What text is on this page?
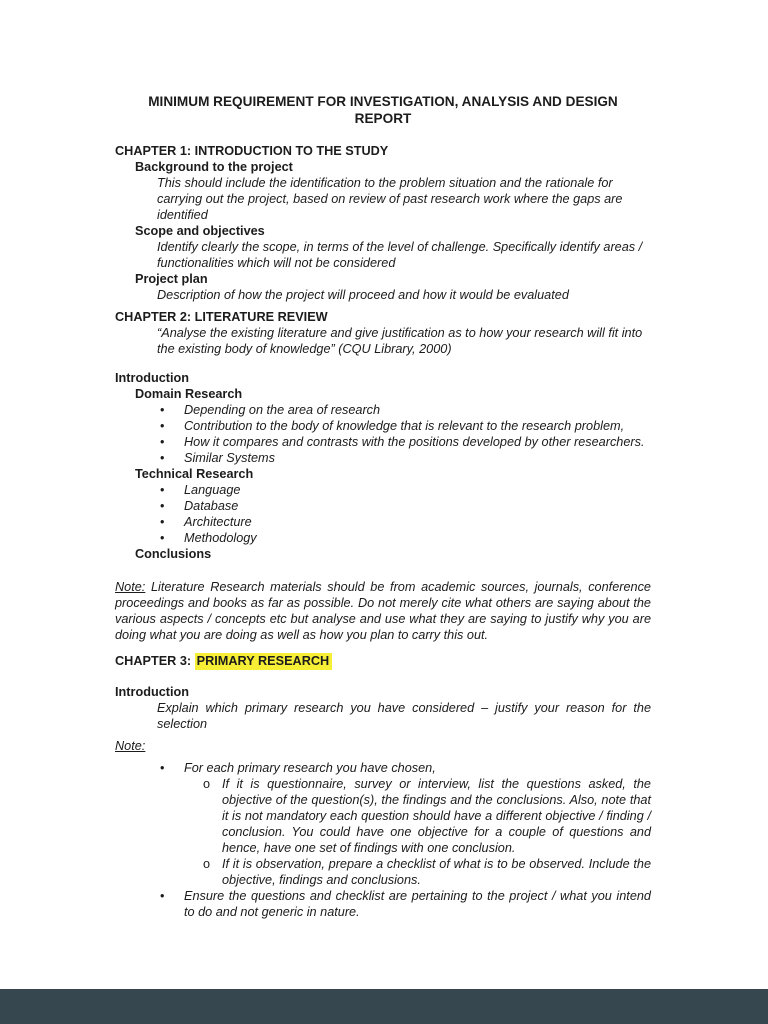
MINIMUM REQUIREMENT FOR INVESTIGATION, ANALYSIS AND DESIGN
REPORT
CHAPTER 1: INTRODUCTION TO THE STUDY
Background to the project
This should include the identification to the problem situation and the rationale for carrying out the project, based on review of past research work where the gaps are identified
Scope and objectives
Identify clearly the scope, in terms of the level of challenge. Specifically identify areas / functionalities which will not be considered
Project plan
Description of how the project will proceed and how it would be evaluated
CHAPTER 2: LITERATURE REVIEW
“Analyse the existing literature and give justification as to how your research will fit into the existing body of knowledge” (CQU Library, 2000)
Introduction
Domain Research
•	Depending on the area of research
•	Contribution to the body of knowledge that is relevant to the research problem,
•	How it compares and contrasts with the positions developed by other researchers.
•	Similar Systems
Technical Research
•	Language
•	Database
•	Architecture
•	Methodology
Conclusions
Note: Literature Research materials should be from academic sources, journals, conference proceedings and books as far as possible. Do not merely cite what others are saying about the various aspects / concepts etc but analyse and use what they are saying to justify why you are doing what you are doing as well as how you plan to carry this out.
CHAPTER 3: PRIMARY RESEARCH
Introduction
Explain which primary research you have considered – justify your reason for the selection
Note:
•	For each primary research you have chosen,
o If it is questionnaire, survey or interview, list the questions asked, the objective of the question(s), the findings and the conclusions. Also, note that it is not mandatory each question should have a different objective / finding / conclusion. You could have one objective for a couple of questions and hence, have one set of findings with one conclusion.
o If it is observation, prepare a checklist of what is to be observed. Include the objective, findings and conclusions.
•	Ensure the questions and checklist are pertaining to the project / what you intend to do and not generic in nature.
